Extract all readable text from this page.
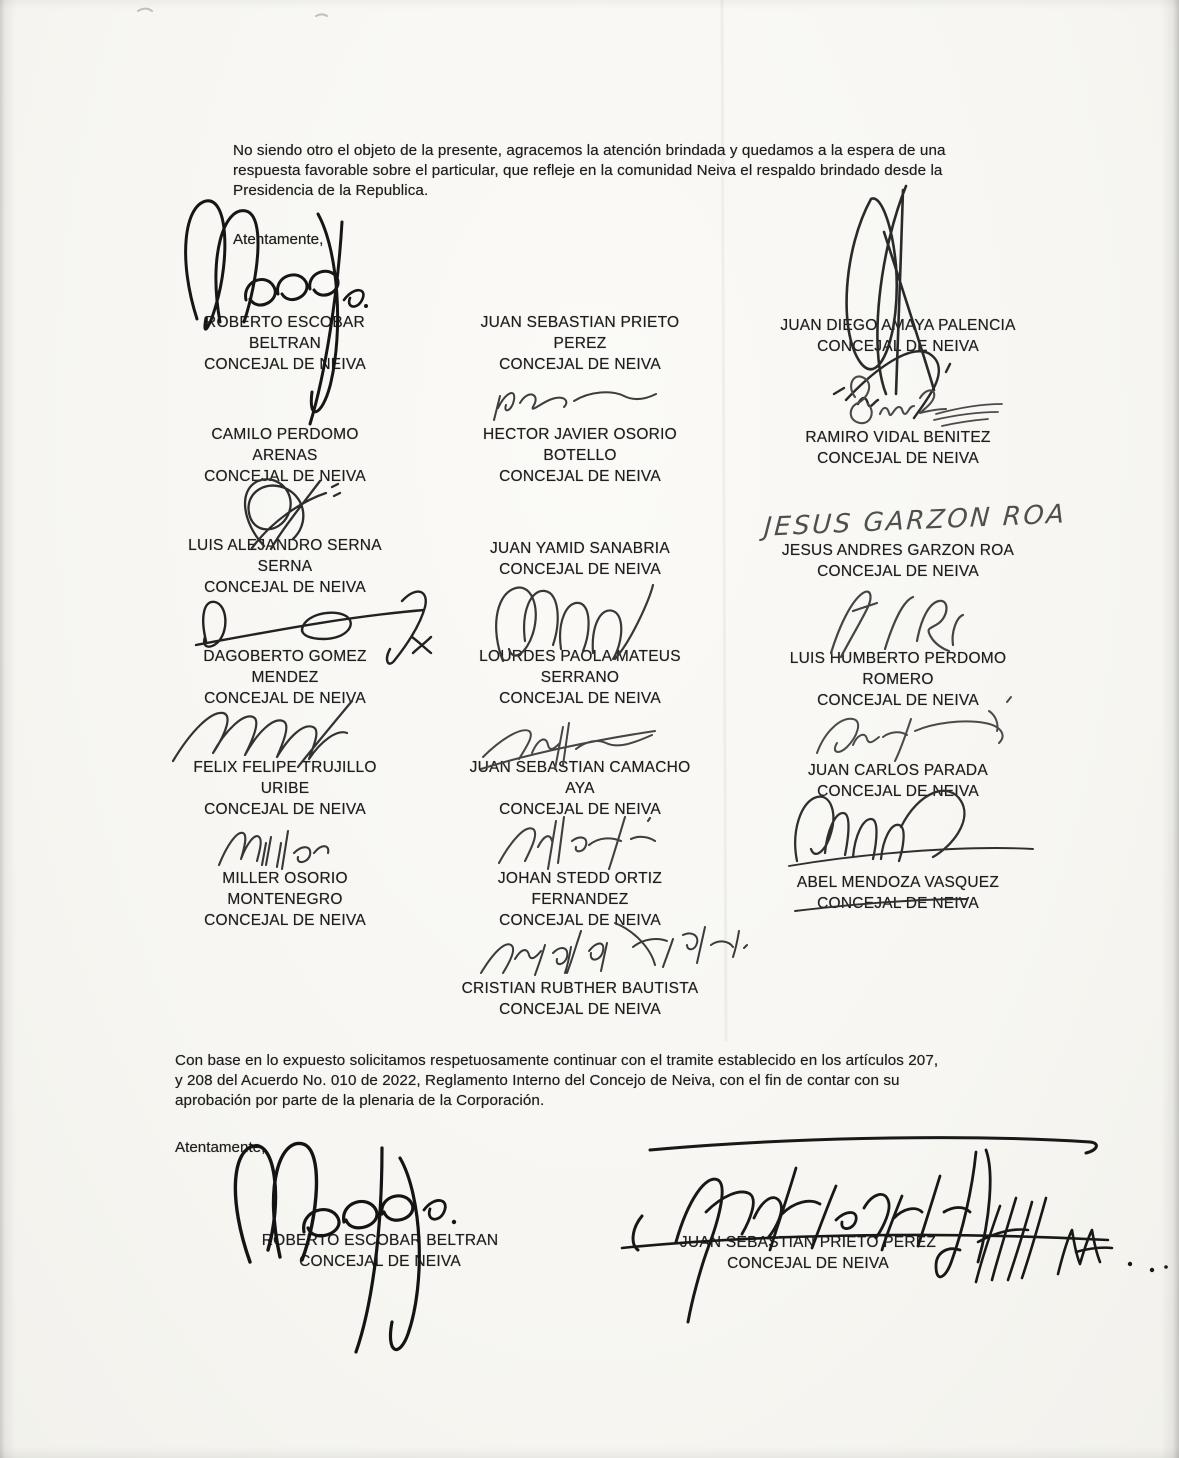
No siendo otro el objeto de la presente, agracemos la atención brindada y quedamos a la espera de una
respuesta favorable sobre el particular, que refleje en la comunidad Neiva el respaldo brindado desde la
Presidencia de la Republica.
Atentamente,
ROBERTO ESCOBAR
BELTRAN
CONCEJAL DE NEIVA
JUAN SEBASTIAN PRIETO
PEREZ
CONCEJAL DE NEIVA
JUAN DIEGO AMAYA PALENCIA
CONCEJAL DE NEIVA
CAMILO PERDOMO
ARENAS
CONCEJAL DE NEIVA
HECTOR JAVIER OSORIO
BOTELLO
CONCEJAL DE NEIVA
RAMIRO VIDAL BENITEZ
CONCEJAL DE NEIVA
LUIS ALEJANDRO SERNA
SERNA
CONCEJAL DE NEIVA
JUAN YAMID SANABRIA
CONCEJAL DE NEIVA
JESUS ANDRES GARZON ROA
CONCEJAL DE NEIVA
DAGOBERTO GOMEZ
MENDEZ
CONCEJAL DE NEIVA
LOURDES PAOLA MATEUS
SERRANO
CONCEJAL DE NEIVA
LUIS HUMBERTO PERDOMO
ROMERO
CONCEJAL DE NEIVA
FELIX FELIPE TRUJILLO
URIBE
CONCEJAL DE NEIVA
JUAN SEBASTIAN CAMACHO
AYA
CONCEJAL DE NEIVA
JUAN CARLOS PARADA
CONCEJAL DE NEIVA
MILLER OSORIO
MONTENEGRO
CONCEJAL DE NEIVA
JOHAN STEDD ORTIZ
FERNANDEZ
CONCEJAL DE NEIVA
ABEL MENDOZA VASQUEZ
CONCEJAL DE NEIVA
CRISTIAN RUBTHER BAUTISTA
CONCEJAL DE NEIVA
JESUS GARZON ROA
Con base en lo expuesto solicitamos respetuosamente continuar con el tramite establecido en los artículos 207,
y 208 del Acuerdo No. 010 de 2022, Reglamento Interno del Concejo de Neiva, con el fin de contar con su
aprobación por parte de la plenaria de la Corporación.
Atentamente,
ROBERTO ESCOBAR BELTRAN
CONCEJAL DE NEIVA
JUAN SEBASTIAN PRIETO PEREZ
CONCEJAL DE NEIVA
